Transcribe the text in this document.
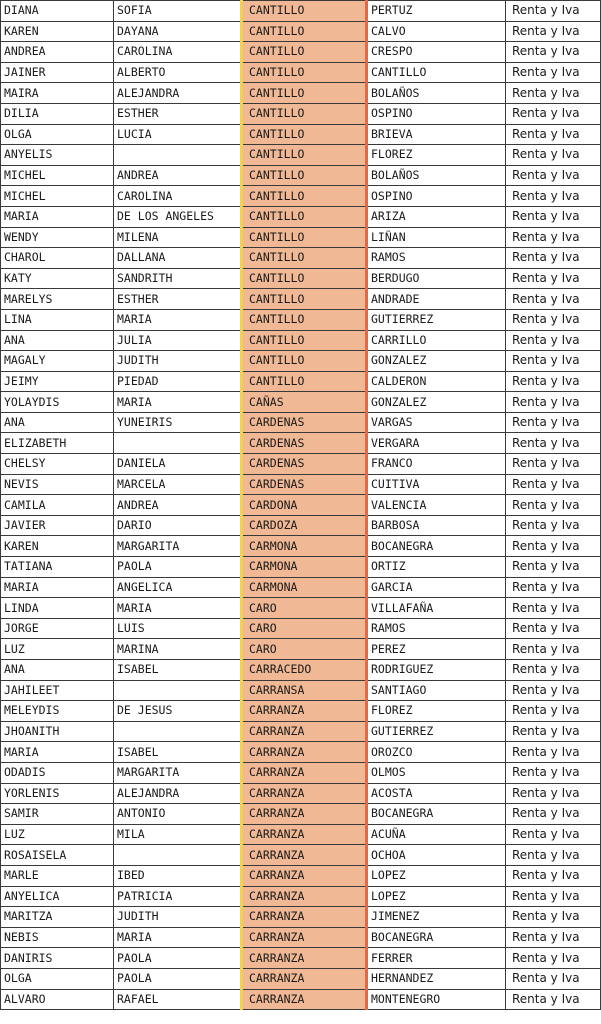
DIANA	SOFIA	CANTILLO	PERTUZ	Renta y Iva
KAREN	DAYANA	CANTILLO	CALVO	Renta y Iva
ANDREA	CAROLINA	CANTILLO	CRESPO	Renta y Iva
JAINER	ALBERTO	CANTILLO	CANTILLO	Renta y Iva
MAIRA	ALEJANDRA	CANTILLO	BOLAÑOS	Renta y Iva
DILIA	ESTHER	CANTILLO	OSPINO	Renta y Iva
OLGA	LUCIA	CANTILLO	BRIEVA	Renta y Iva
ANYELIS		CANTILLO	FLOREZ	Renta y Iva
MICHEL	ANDREA	CANTILLO	BOLAÑOS	Renta y Iva
MICHEL	CAROLINA	CANTILLO	OSPINO	Renta y Iva
MARIA	DE LOS ANGELES	CANTILLO	ARIZA	Renta y Iva
WENDY	MILENA	CANTILLO	LIÑAN	Renta y Iva
CHAROL	DALLANA	CANTILLO	RAMOS	Renta y Iva
KATY	SANDRITH	CANTILLO	BERDUGO	Renta y Iva
MARELYS	ESTHER	CANTILLO	ANDRADE	Renta y Iva
LINA	MARIA	CANTILLO	GUTIERREZ	Renta y Iva
ANA	JULIA	CANTILLO	CARRILLO	Renta y Iva
MAGALY	JUDITH	CANTILLO	GONZALEZ	Renta y Iva
JEIMY	PIEDAD	CANTILLO	CALDERON	Renta y Iva
YOLAYDIS	MARIA	CAÑAS	GONZALEZ	Renta y Iva
ANA	YUNEIRIS	CARDENAS	VARGAS	Renta y Iva
ELIZABETH		CARDENAS	VERGARA	Renta y Iva
CHELSY	DANIELA	CARDENAS	FRANCO	Renta y Iva
NEVIS	MARCELA	CARDENAS	CUITIVA	Renta y Iva
CAMILA	ANDREA	CARDONA	VALENCIA	Renta y Iva
JAVIER	DARIO	CARDOZA	BARBOSA	Renta y Iva
KAREN	MARGARITA	CARMONA	BOCANEGRA	Renta y Iva
TATIANA	PAOLA	CARMONA	ORTIZ	Renta y Iva
MARIA	ANGELICA	CARMONA	GARCIA	Renta y Iva
LINDA	MARIA	CARO	VILLAFAÑA	Renta y Iva
JORGE	LUIS	CARO	RAMOS	Renta y Iva
LUZ	MARINA	CARO	PEREZ	Renta y Iva
ANA	ISABEL	CARRACEDO	RODRIGUEZ	Renta y Iva
JAHILEET		CARRANSA	SANTIAGO	Renta y Iva
MELEYDIS	DE JESUS	CARRANZA	FLOREZ	Renta y Iva
JHOANITH		CARRANZA	GUTIERREZ	Renta y Iva
MARIA	ISABEL	CARRANZA	OROZCO	Renta y Iva
ODADIS	MARGARITA	CARRANZA	OLMOS	Renta y Iva
YORLENIS	ALEJANDRA	CARRANZA	ACOSTA	Renta y Iva
SAMIR	ANTONIO	CARRANZA	BOCANEGRA	Renta y Iva
LUZ	MILA	CARRANZA	ACUÑA	Renta y Iva
ROSAISELA		CARRANZA	OCHOA	Renta y Iva
MARLE	IBED	CARRANZA	LOPEZ	Renta y Iva
ANYELICA	PATRICIA	CARRANZA	LOPEZ	Renta y Iva
MARITZA	JUDITH	CARRANZA	JIMENEZ	Renta y Iva
NEBIS	MARIA	CARRANZA	BOCANEGRA	Renta y Iva
DANIRIS	PAOLA	CARRANZA	FERRER	Renta y Iva
OLGA	PAOLA	CARRANZA	HERNANDEZ	Renta y Iva
ALVARO	RAFAEL	CARRANZA	MONTENEGRO	Renta y Iva
